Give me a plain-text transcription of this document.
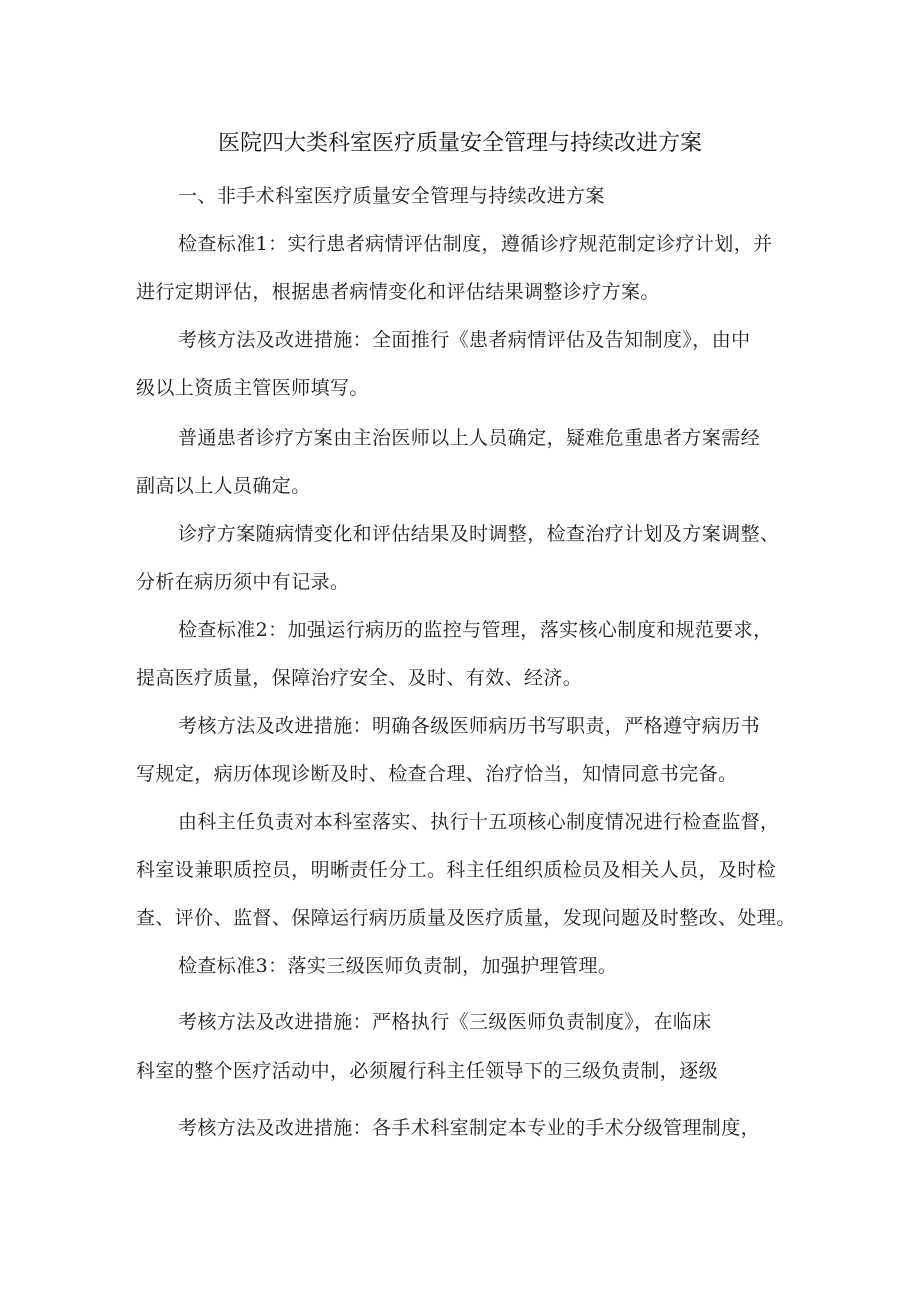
医院四大类科室医疗质量安全管理与持续改进方案
一、非手术科室医疗质量安全管理与持续改进方案
检查标准1：实行患者病情评估制度，遵循诊疗规范制定诊疗计划，并
进行定期评估，根据患者病情变化和评估结果调整诊疗方案。
考核方法及改进措施：全面推行《患者病情评估及告知制度》，由中
级以上资质主管医师填写。
普通患者诊疗方案由主治医师以上人员确定，疑难危重患者方案需经
副高以上人员确定。
诊疗方案随病情变化和评估结果及时调整，检查治疗计划及方案调整、
分析在病历须中有记录。
检查标准2：加强运行病历的监控与管理，落实核心制度和规范要求，
提高医疗质量，保障治疗安全、及时、有效、经济。
考核方法及改进措施：明确各级医师病历书写职责，严格遵守病历书
写规定，病历体现诊断及时、检查合理、治疗恰当，知情同意书完备。
由科主任负责对本科室落实、执行十五项核心制度情况进行检查监督，
科室设兼职质控员，明晰责任分工。科主任组织质检员及相关人员，及时检
查、评价、监督、保障运行病历质量及医疗质量，发现问题及时整改、处理。
检查标准3：落实三级医师负责制，加强护理管理。
考核方法及改进措施：严格执行《三级医师负责制度》，在临床
科室的整个医疗活动中，必须履行科主任领导下的三级负责制，逐级
考核方法及改进措施：各手术科室制定本专业的手术分级管理制度，
